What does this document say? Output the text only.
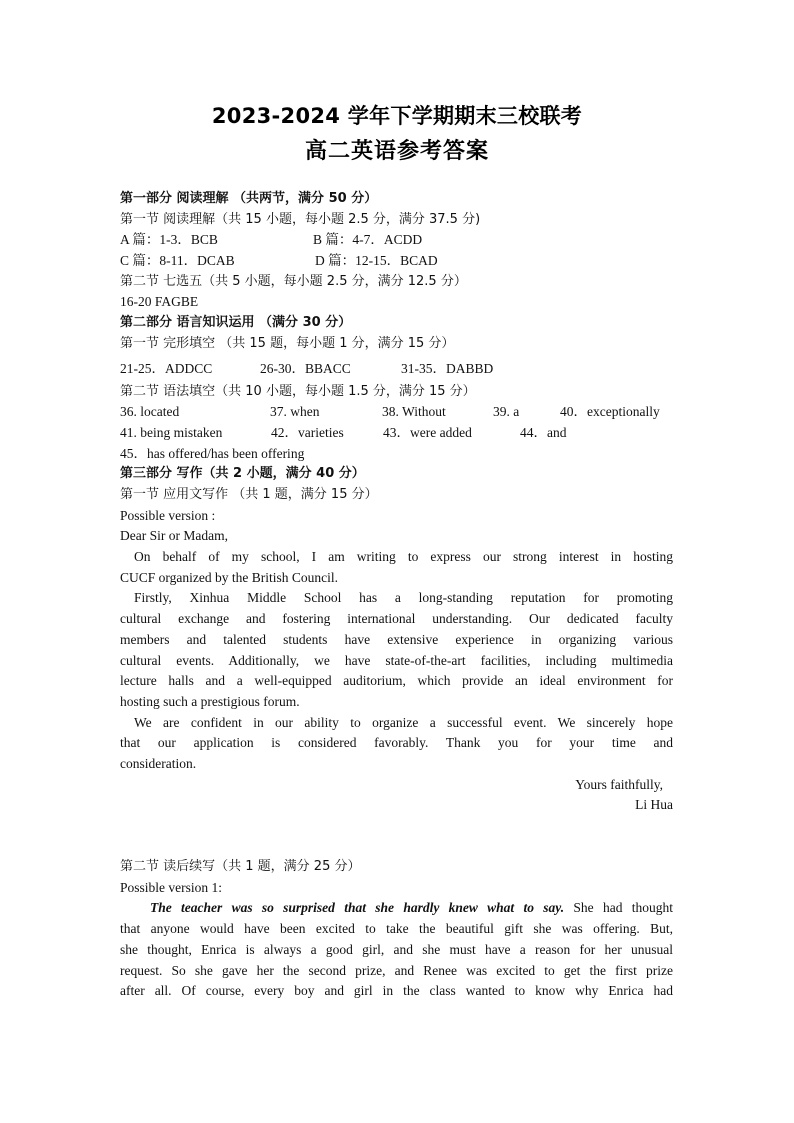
2023-2024 学年下学期期末三校联考
高二英语参考答案
第一部分 阅读理解 （共两节，满分 50 分）
第一节 阅读理解（共 15 小题，每小题 2.5 分，满分 37.5 分)
A 篇：1-3．BCB	B 篇：4-7．ACDD
C 篇：8-11．DCAB	D 篇：12-15．BCAD
第二节 七选五（共 5 小题，每小题 2.5 分，满分 12.5 分）
16-20 FAGBE
第二部分 语言知识运用 （满分 30 分）
第一节 完形填空 （共 15 题，每小题 1 分，满分 15 分）
21-25．ADDCC	26-30．BBACC	31-35．DABBD
第二节 语法填空（共 10 小题，每小题 1.5 分，满分 15 分）
36. located	37. when	38. Without	39. a	40．exceptionally
41. being mistaken	42．varieties	43．were added	44．and
45．has offered/has been offering
第三部分 写作（共 2 小题，满分 40 分）
第一节 应用文写作 （共 1 题，满分 15 分）
Possible version :
Dear Sir or Madam,
On behalf of my school, I am writing to express our strong interest in hosting
CUCF organized by the British Council.
Firstly, Xinhua Middle School has a long-standing reputation for promoting
cultural exchange and fostering international understanding. Our dedicated faculty
members and talented students have extensive experience in organizing various
cultural events. Additionally, we have state-of-the-art facilities, including multimedia
lecture halls and a well-equipped auditorium, which provide an ideal environment for
hosting such a prestigious forum.
We are confident in our ability to organize a successful event. We sincerely hope
that our application is considered favorably. Thank you for your time and
consideration.
Yours faithfully,
Li Hua
第二节 读后续写（共 1 题，满分 25 分）
Possible version 1:
The teacher was so surprised that she hardly knew what to say. She had thought
that anyone would have been excited to take the beautiful gift she was offering. But,
she thought, Enrica is always a good girl, and she must have a reason for her unusual
request. So she gave her the second prize, and Renee was excited to get the first prize
after all. Of course, every boy and girl in the class wanted to know why Enrica had
